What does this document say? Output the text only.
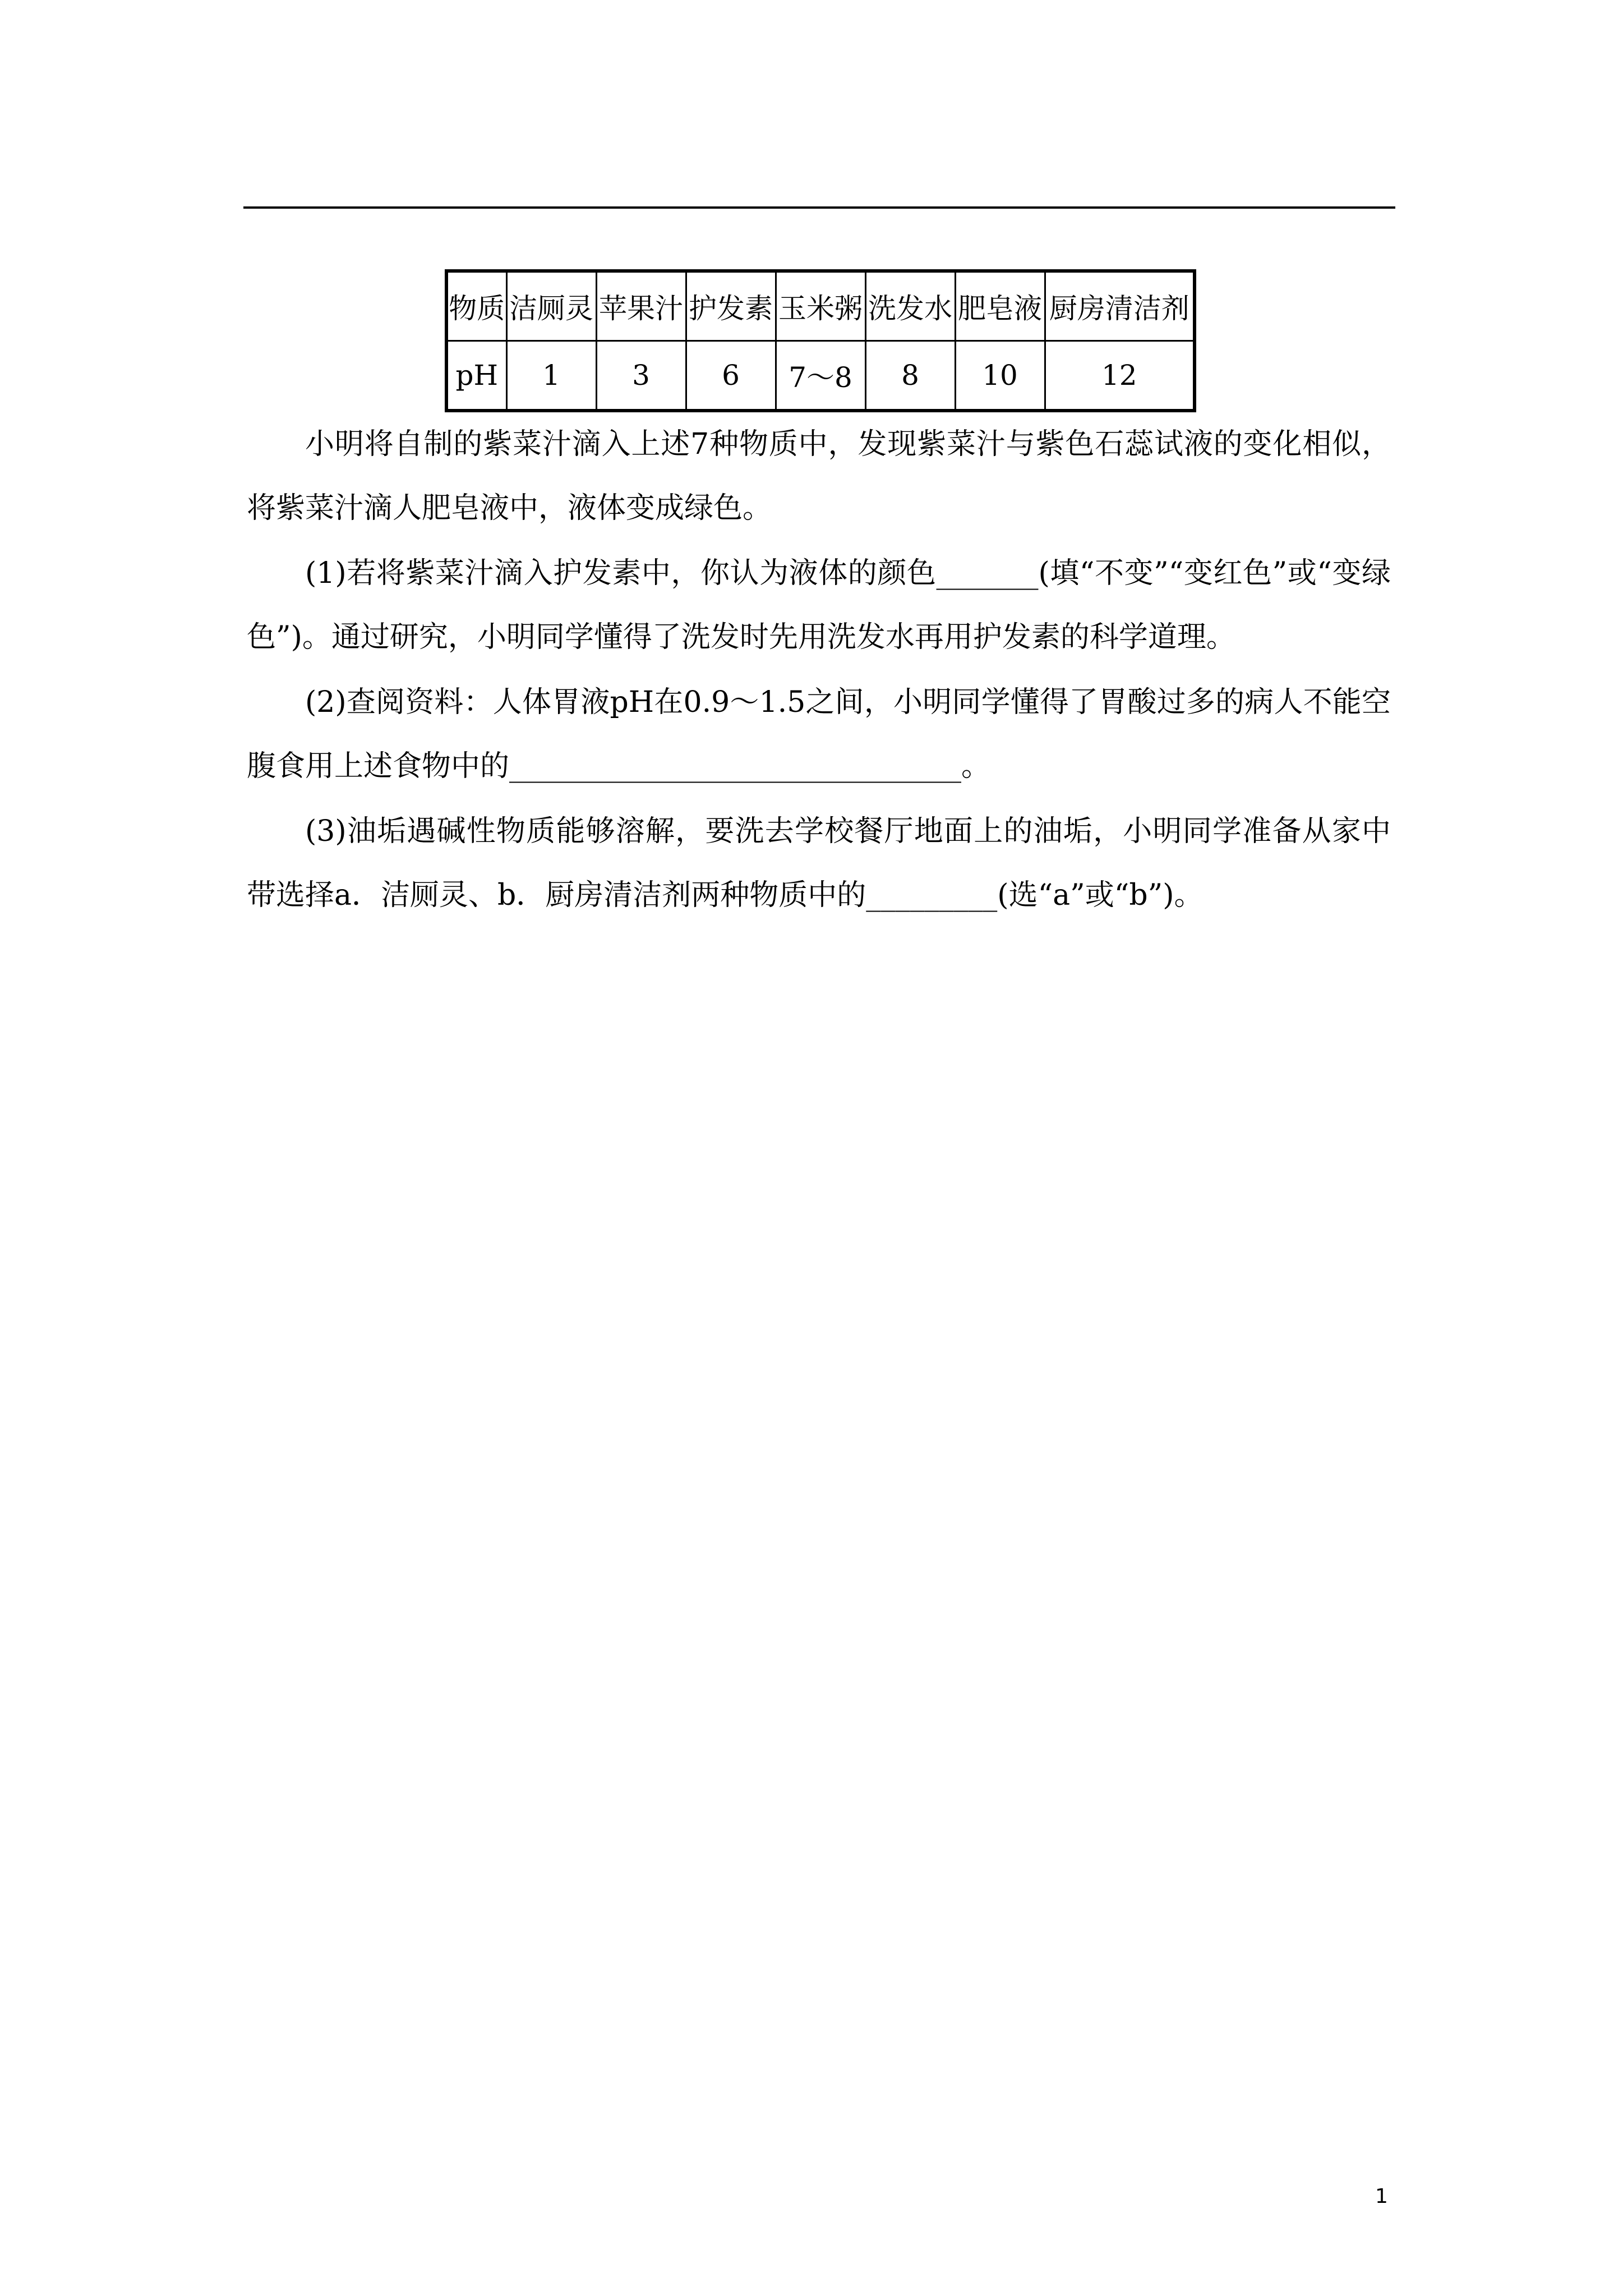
物质	洁厕灵	苹果汁	护发素	玉米粥	洗发水	肥皂液	厨房清洁剂
pH	1	3	6	7～8	8	10	12

小明将自制的紫菜汁滴入上述7种物质中，发现紫菜汁与紫色石蕊试液的变化相似，将紫菜汁滴人肥皂液中，液体变成绿色。

(1)若将紫菜汁滴入护发素中，你认为液体的颜色_______(填“不变”“变红色”或“变绿色”)。通过研究，小明同学懂得了洗发时先用洗发水再用护发素的科学道理。

(2)查阅资料：人体胃液pH在0.9～1.5之间，小明同学懂得了胃酸过多的病人不能空腹食用上述食物中的_______________________________。

(3)油垢遇碱性物质能够溶解，要洗去学校餐厅地面上的油垢，小明同学准备从家中带选择a．洁厕灵、b．厨房清洁剂两种物质中的_________(选“a”或“b”)。

1
